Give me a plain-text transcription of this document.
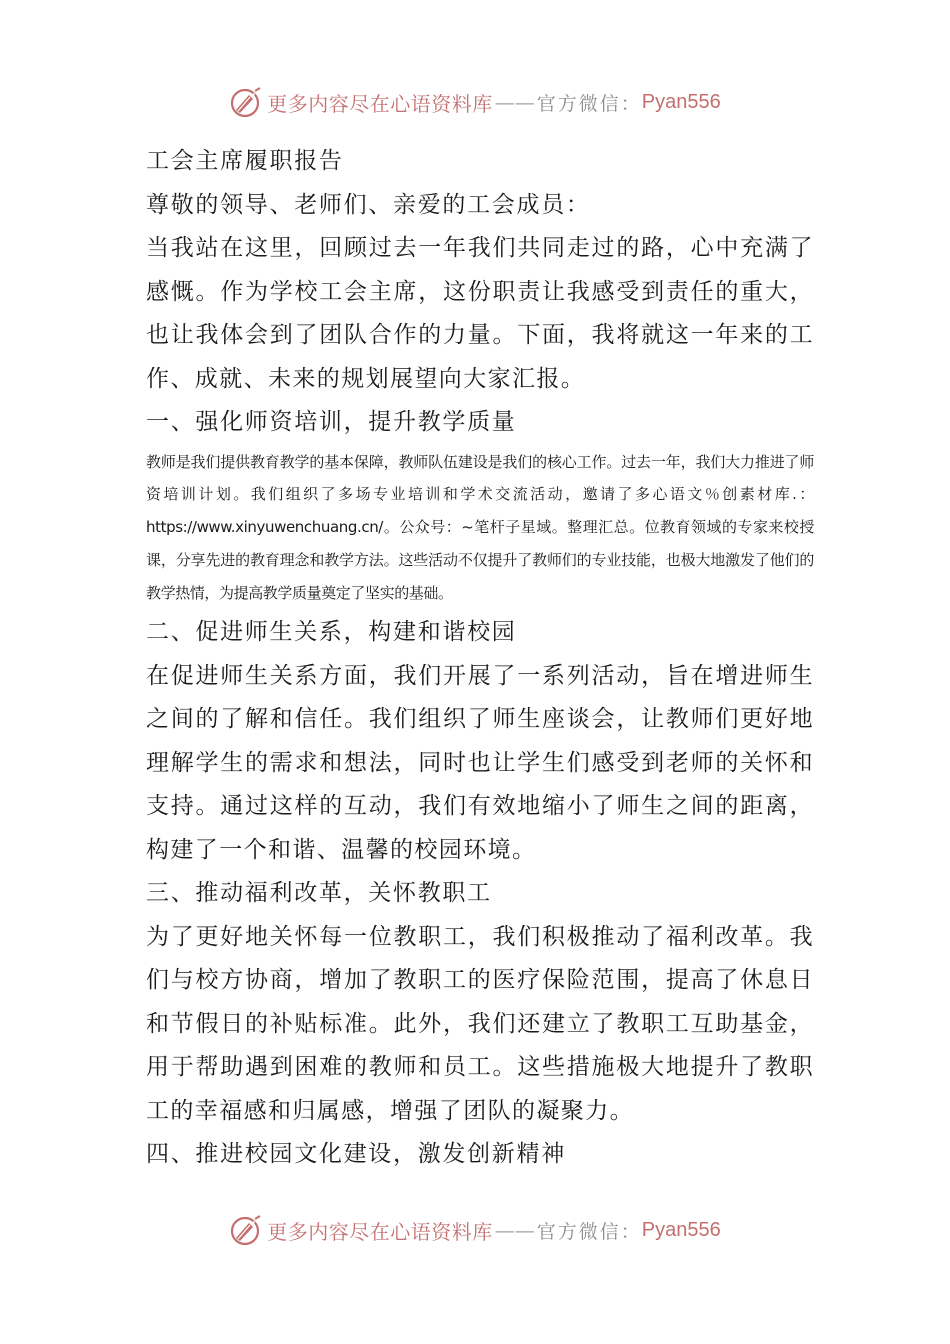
更多内容尽在心语资料库 —— 官方微信： Pyan556
工会主席履职报告
尊敬的领导、老师们、亲爱的工会成员：
当我站在这里，回顾过去一年我们共同走过的路，心中充满了感慨。作为学校工会主席，这份职责让我感受到责任的重大，也让我体会到了团队合作的力量。下面，我将就这一年来的工作、成就、未来的规划展望向大家汇报。
一、强化师资培训，提升教学质量
教师是我们提供教育教学的基本保障，教师队伍建设是我们的核心工作。过去一年，我们大力推进了师资培训计划。我们组织了多场专业培训和学术交流活动，邀请了多心语文％创素材库.：https://www.xinyuwenchuang.cn/。公众号：~笔杆子星域。整理汇总。位教育领域的专家来校授课，分享先进的教育理念和教学方法。这些活动不仅提升了教师们的专业技能，也极大地激发了他们的教学热情，为提高教学质量奠定了坚实的基础。
二、促进师生关系，构建和谐校园
在促进师生关系方面，我们开展了一系列活动，旨在增进师生之间的了解和信任。我们组织了师生座谈会，让教师们更好地理解学生的需求和想法，同时也让学生们感受到老师的关怀和支持。通过这样的互动，我们有效地缩小了师生之间的距离，构建了一个和谐、温馨的校园环境。
三、推动福利改革，关怀教职工
为了更好地关怀每一位教职工，我们积极推动了福利改革。我们与校方协商，增加了教职工的医疗保险范围，提高了休息日和节假日的补贴标准。此外，我们还建立了教职工互助基金，用于帮助遇到困难的教师和员工。这些措施极大地提升了教职工的幸福感和归属感，增强了团队的凝聚力。
四、推进校园文化建设，激发创新精神
更多内容尽在心语资料库 —— 官方微信： Pyan556
